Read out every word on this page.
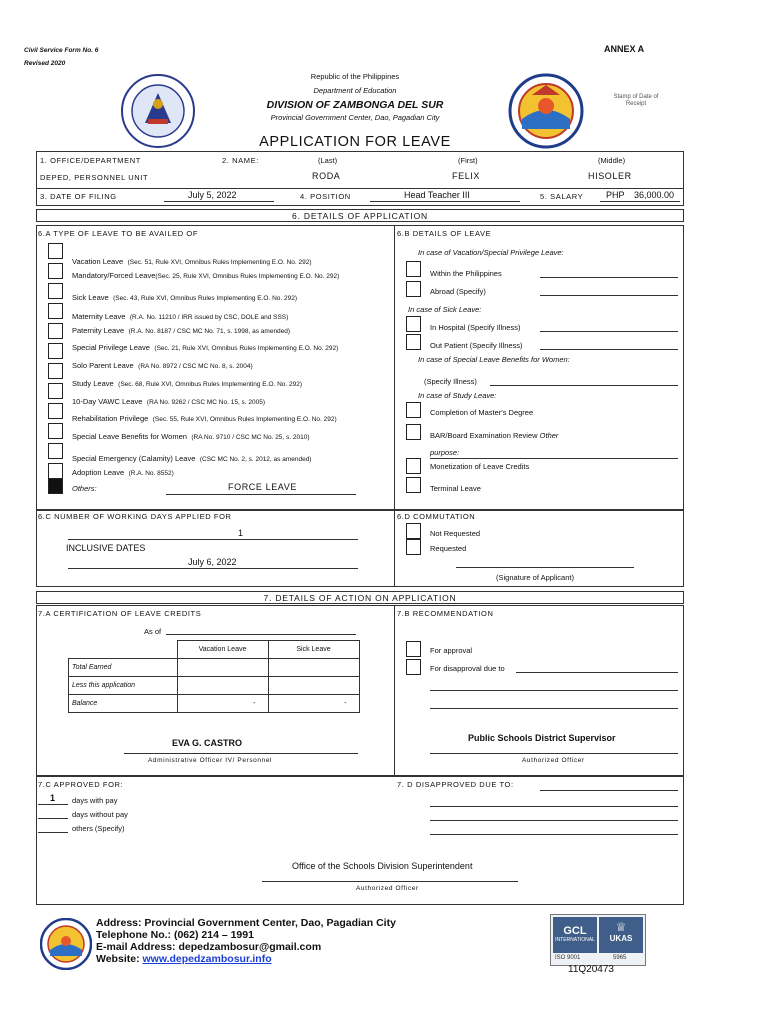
Civil Service Form No. 6
Revised 2020
ANNEX A
Republic of the Philippines
Department of Education
DIVISION OF ZAMBONGA DEL SUR
Provincial Government Center, Dao, Pagadian City
Stamp of Date of
Receipt
APPLICATION FOR LEAVE
1. OFFICE/DEPARTMENT
DEPED, PERSONNEL UNIT
2. NAME:	(Last)	(First)	(Middle)
RODA	FELIX	HISOLER
3. DATE OF FILING	July 5, 2022	4. POSITION	Head Teacher III	5. SALARY	PHP 36,000.00
6. DETAILS OF APPLICATION
6.A TYPE OF LEAVE TO BE AVAILED OF
Vacation Leave (Sec. 51, Rule XVI, Omnibus Rules Implementing E.O. No. 292)
Mandatory/Forced Leave(Sec. 25, Rule XVI, Omnibus Rules Implementing E.O. No. 292)
Sick Leave (Sec. 43, Rule XVI, Omnibus Rules Implementing E.O. No. 292)
Maternity Leave (R.A. No. 11210 / IRR issued by CSC, DOLE and SSS)
Paternity Leave (R.A. No. 8187 / CSC MC No. 71, s. 1998, as amended)
Special Privilege Leave (Sec. 21, Rule XVI, Omnibus Rules Implementing E.O. No. 292)
Solo Parent Leave (RA No. 8972 / CSC MC No. 8, s. 2004)
Study Leave (Sec. 68, Rule XVI, Omnibus Rules Implementing E.O. No. 292)
10-Day VAWC Leave (RA No. 9262 / CSC MC No. 15, s. 2005)
Rehabilitation Privilege (Sec. 55, Rule XVI, Omnibus Rules Implementing E.O. No. 292)
Special Leave Benefits for Women (RA No. 9710 / CSC MC No. 25, s. 2010)
Special Emergency (Calamity) Leave (CSC MC No. 2, s. 2012, as amended)
Adoption Leave (R.A. No. 8552)
Others:	FORCE LEAVE
6.B DETAILS OF LEAVE
In case of Vacation/Special Privilege Leave:
Within the Philippines
Abroad (Specify)
In case of Sick Leave:
In Hospital (Specify Illness)
Out Patient (Specify Illness)
In case of Special Leave Benefits for Women:
(Specify Illness)
In case of Study Leave:
Completion of Master's Degree
BAR/Board Examination Review Other
purpose:
Monetization of Leave Credits
Terminal Leave
6.C NUMBER OF WORKING DAYS APPLIED FOR
1
INCLUSIVE DATES
July 6, 2022
6.D COMMUTATION
Not Requested
Requested
(Signature of Applicant)
7. DETAILS OF ACTION ON APPLICATION
7.A CERTIFICATION OF LEAVE CREDITS
As of
	Vacation Leave	Sick Leave
Total Earned		
Less this application		
Balance	-	-
EVA G. CASTRO
Administrative Officer IV/ Personnel
7.B RECOMMENDATION
For approval
For disapproval due to
Public Schools District Supervisor
Authorized Officer
7.C APPROVED FOR:
1 days with pay
days without pay
others (Specify)
7. D DISAPPROVED DUE TO:
Office of the Schools Division Superintendent
Authorized Officer
Address: Provincial Government Center, Dao, Pagadian City
Telephone No.: (062) 214 – 1991
E-mail Address: depedzambosur@gmail.com
Website: www.depedzambosur.info
GCL
INTERNATIONAL
♕
UKAS
ISO 9001	5965
11Q20473
